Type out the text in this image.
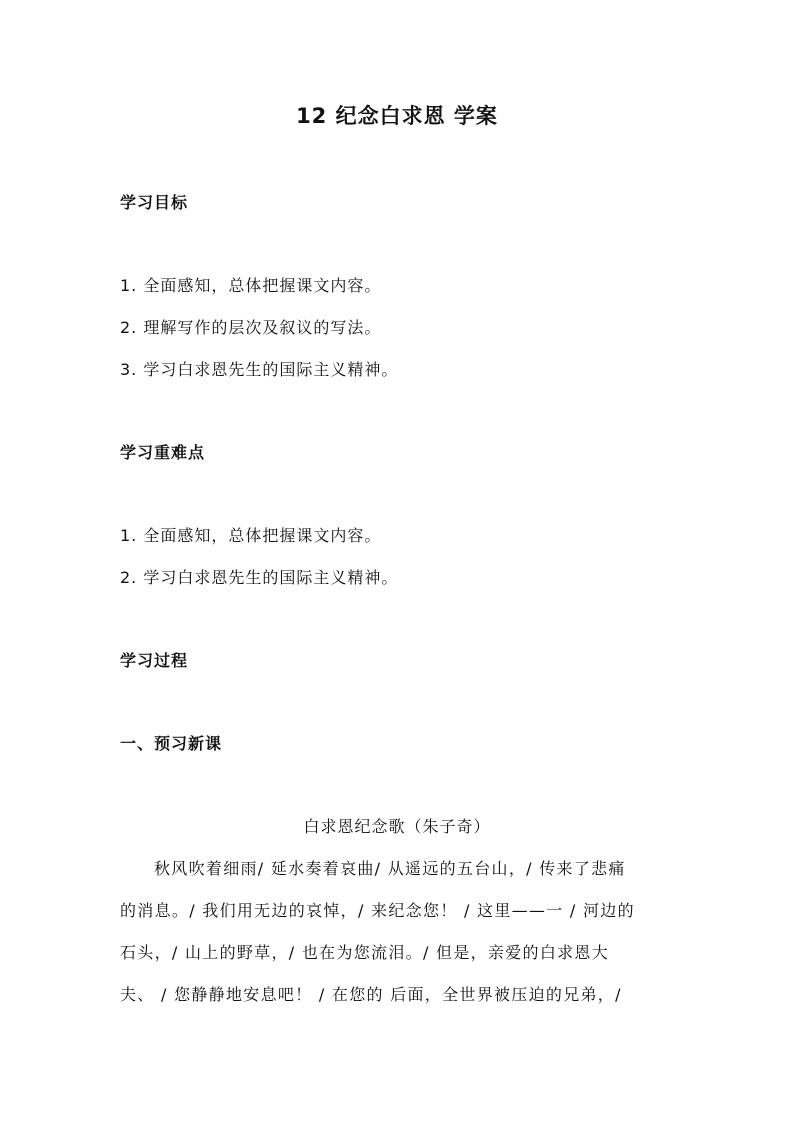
12 纪念白求恩 学案
学习目标
1. 全面感知，总体把握课文内容。
2. 理解写作的层次及叙议的写法。
3. 学习白求恩先生的国际主义精神。
学习重难点
1. 全面感知，总体把握课文内容。
2. 学习白求恩先生的国际主义精神。
学习过程
一、预习新课
白求恩纪念歌（朱子奇）
秋风吹着细雨/ 延水奏着哀曲/ 从遥远的五台山，/ 传来了悲痛
的消息。/ 我们用无边的哀悼，/ 来纪念您！ / 这里——一 / 河边的
石头，/ 山上的野草，/ 也在为您流泪。/ 但是，亲爱的白求恩大
夫、 / 您静静地安息吧！ / 在您的 后面，全世界被压迫的兄弟，/
